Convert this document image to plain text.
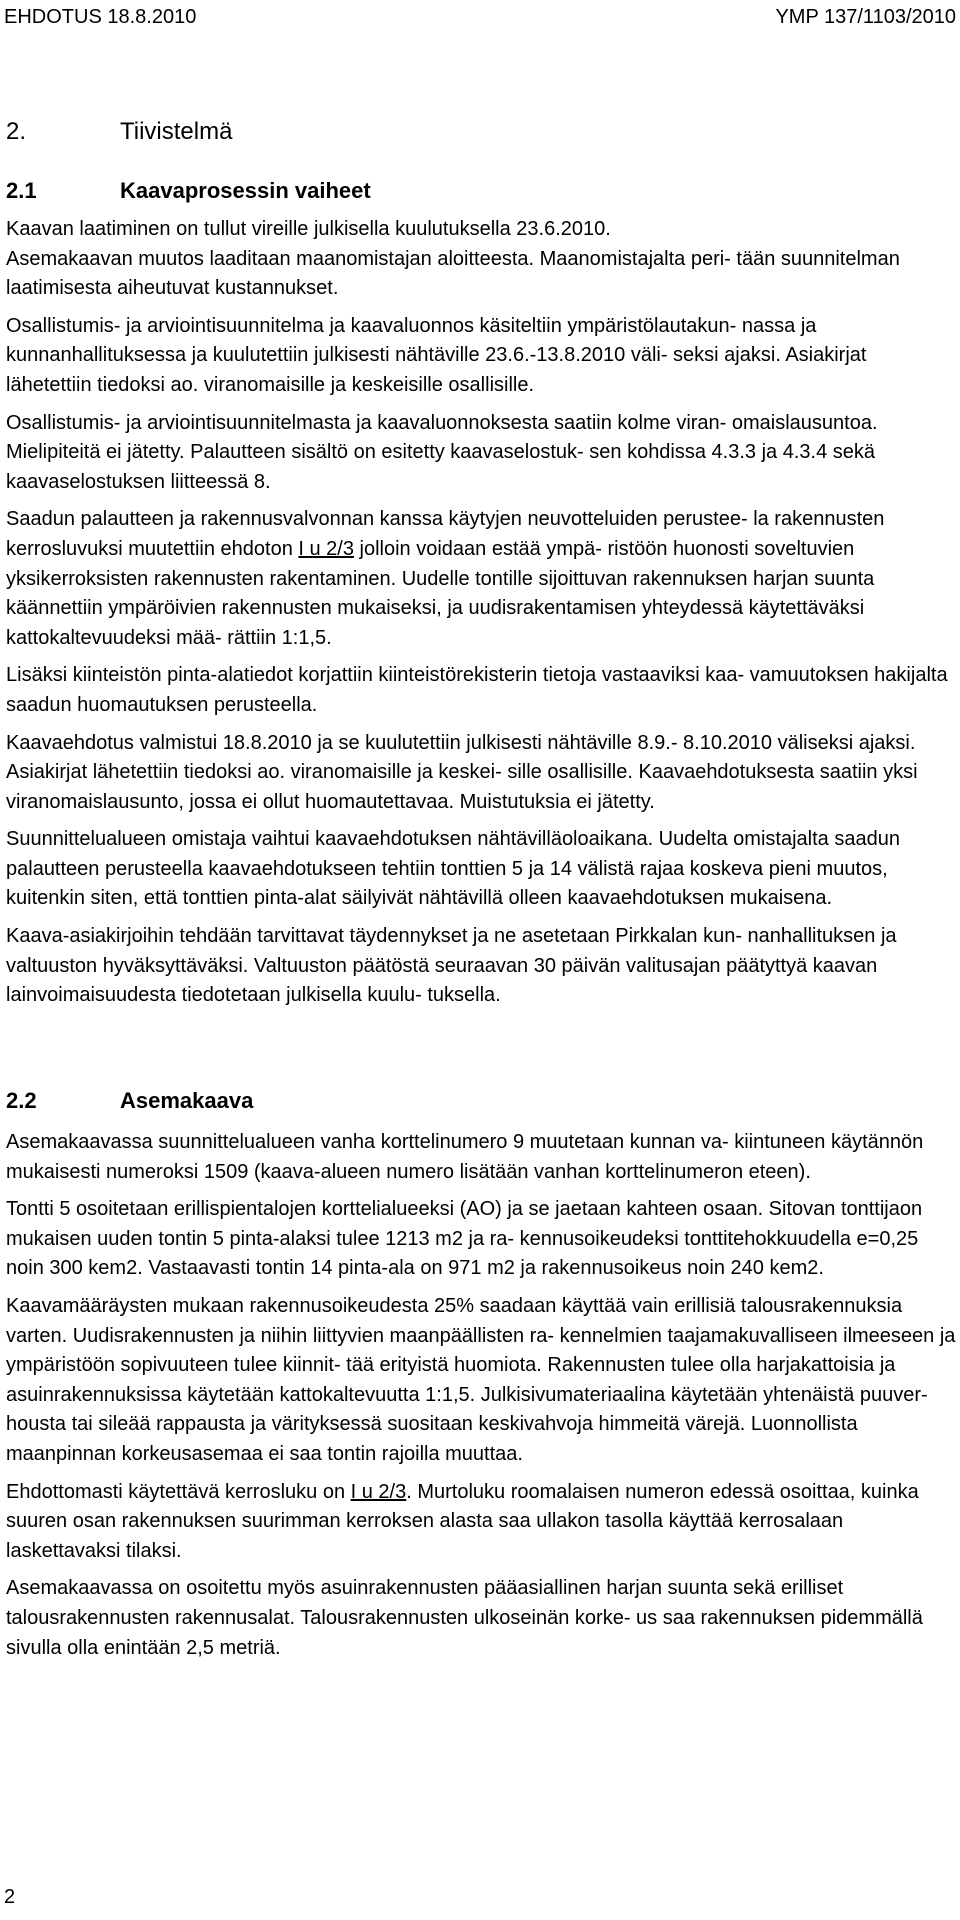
EHDOTUS 18.8.2010	YMP 137/1103/2010
2.	Tiivistelmä
2.1	Kaavaprosessin vaiheet

Kaavan laatiminen on tullut vireille julkisella kuulutuksella 23.6.2010.

Asemakaavan muutos laaditaan maanomistajan aloitteesta. Maanomistajalta peri- tään suunnitelman laatimisesta aiheutuvat kustannukset.

Osallistumis- ja arviointisuunnitelma ja kaavaluonnos käsiteltiin ympäristölautakun- nassa ja kunnanhallituksessa ja kuulutettiin julkisesti nähtäville 23.6.-13.8.2010 väli- seksi ajaksi. Asiakirjat lähetettiin tiedoksi ao. viranomaisille ja keskeisille osallisille.

Osallistumis- ja arviointisuunnitelmasta ja kaavaluonnoksesta saatiin kolme viran- omaislausuntoa. Mielipiteitä ei jätetty. Palautteen sisältö on esitetty kaavaselostuk- sen kohdissa 4.3.3 ja 4.3.4 sekä kaavaselostuksen liitteessä 8.

Saadun palautteen ja rakennusvalvonnan kanssa käytyjen neuvotteluiden perustee- la rakennusten kerrosluvuksi muutettiin ehdoton I u 2/3 jolloin voidaan estää ympä- ristöön huonosti soveltuvien yksikerroksisten rakennusten rakentaminen. Uudelle tontille sijoittuvan rakennuksen harjan suunta käännettiin ympäröivien rakennusten mukaiseksi, ja uudisrakentamisen yhteydessä käytettäväksi kattokaltevuudeksi mää- rättiin 1:1,5.

Lisäksi kiinteistön pinta-alatiedot korjattiin kiinteistörekisterin tietoja vastaaviksi kaa- vamuutoksen hakijalta saadun huomautuksen perusteella.

Kaavaehdotus valmistui 18.8.2010 ja se kuulutettiin julkisesti nähtäville 8.9.- 8.10.2010 väliseksi ajaksi. Asiakirjat lähetettiin tiedoksi ao. viranomaisille ja keskei- sille osallisille. Kaavaehdotuksesta saatiin yksi viranomaislausunto, jossa ei ollut huomautettavaa. Muistutuksia ei jätetty.

Suunnittelualueen omistaja vaihtui kaavaehdotuksen nähtävilläoloaikana. Uudelta omistajalta saadun palautteen perusteella kaavaehdotukseen tehtiin tonttien 5 ja 14 välistä rajaa koskeva pieni muutos, kuitenkin siten, että tonttien pinta-alat säilyivät nähtävillä olleen kaavaehdotuksen mukaisena.

Kaava-asiakirjoihin tehdään tarvittavat täydennykset ja ne asetetaan Pirkkalan kun- nanhallituksen ja valtuuston hyväksyttäväksi. Valtuuston päätöstä seuraavan 30 päivän valitusajan päätyttyä kaavan lainvoimaisuudesta tiedotetaan julkisella kuulu- tuksella.

2.2	Asemakaava

Asemakaavassa suunnittelualueen vanha korttelinumero 9 muutetaan kunnan va- kiintuneen käytännön mukaisesti numeroksi 1509 (kaava-alueen numero lisätään vanhan korttelinumeron eteen).

Tontti 5 osoitetaan erillispientalojen korttelialueeksi (AO) ja se jaetaan kahteen osaan. Sitovan tonttijaon mukaisen uuden tontin 5 pinta-alaksi tulee 1213 m2 ja ra- kennusoikeudeksi tonttitehokkuudella e=0,25 noin 300 kem2. Vastaavasti tontin 14 pinta-ala on 971 m2 ja rakennusoikeus noin 240 kem2.

Kaavamääräysten mukaan rakennusoikeudesta 25% saadaan käyttää vain erillisiä talousrakennuksia varten. Uudisrakennusten ja niihin liittyvien maanpäällisten ra- kennelmien taajamakuvalliseen ilmeeseen ja ympäristöön sopivuuteen tulee kiinnit- tää erityistä huomiota. Rakennusten tulee olla harjakattoisia ja asuinrakennuksissa käytetään kattokaltevuutta 1:1,5. Julkisivumateriaalina käytetään yhtenäistä puuver- housta tai sileää rappausta ja värityksessä suositaan keskivahvoja himmeitä värejä. Luonnollista maanpinnan korkeusasemaa ei saa tontin rajoilla muuttaa.

Ehdottomasti käytettävä kerrosluku on I u 2/3. Murtoluku roomalaisen numeron edessä osoittaa, kuinka suuren osan rakennuksen suurimman kerroksen alasta saa ullakon tasolla käyttää kerrosalaan laskettavaksi tilaksi.

Asemakaavassa on osoitettu myös asuinrakennusten pääasiallinen harjan suunta sekä erilliset talousrakennusten rakennusalat. Talousrakennusten ulkoseinän korke- us saa rakennuksen pidemmällä sivulla olla enintään 2,5 metriä.

2
